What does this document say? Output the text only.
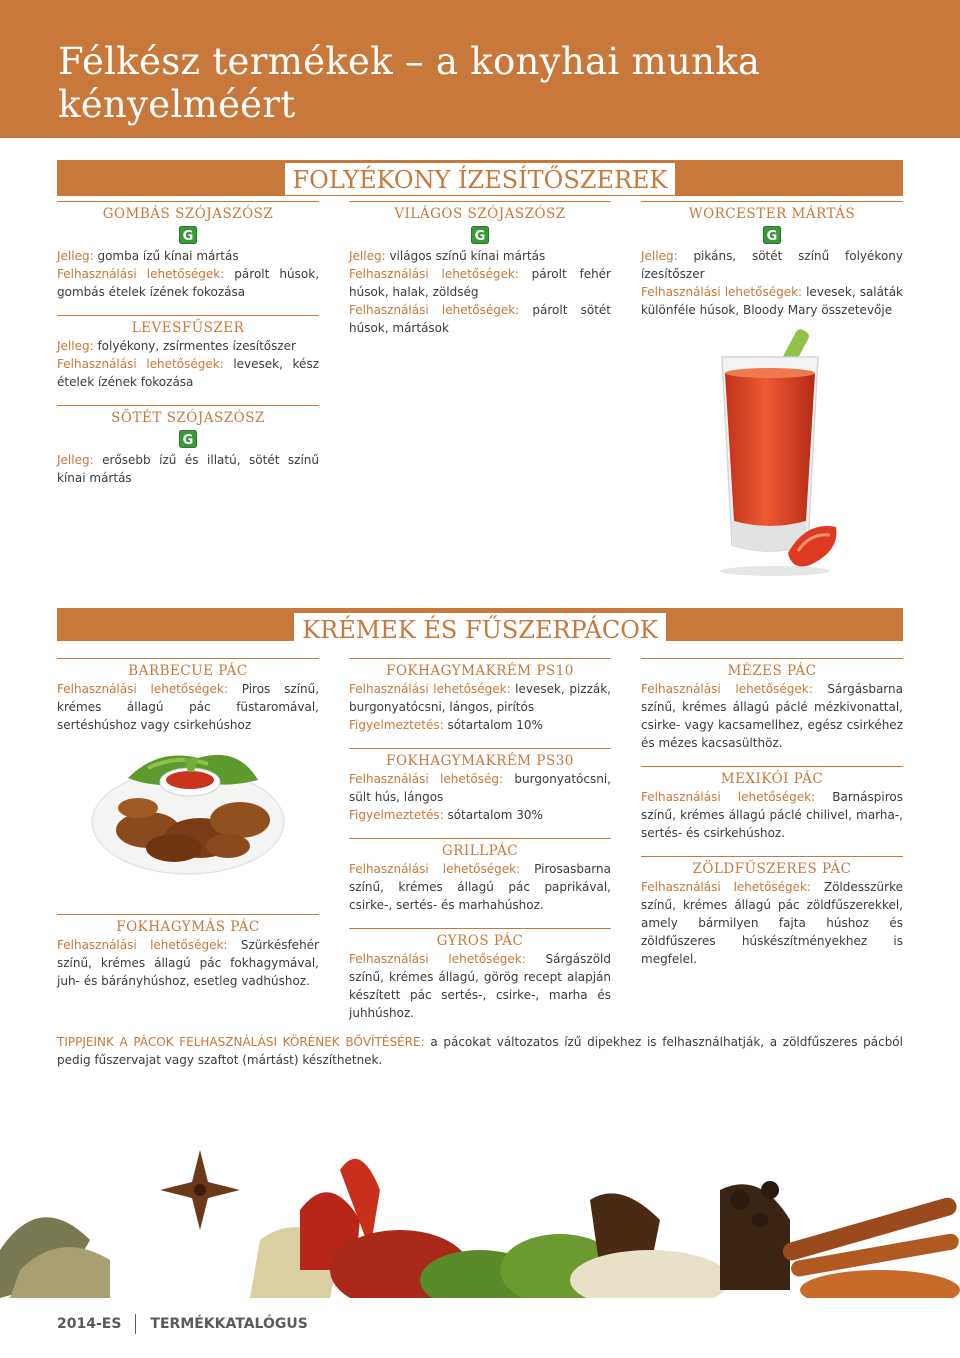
Félkész termékek – a konyhai munka kényelméért
FOLYÉKONY ÍZESÍTŐSZEREK
GOMBÁS SZÓJASZÓSZ
G

Jelleg: gomba ízű kínai mártás

Felhasználási lehetőségek: párolt húsok, gombás ételek ízének fokozása

LEVESFŰSZER

Jelleg: folyékony, zsírmentes ízesítőszer

Felhasználási lehetőségek: levesek, kész ételek ízének fokozása

SÖTÉT SZÓJASZÓSZ
G

Jelleg: erősebb ízű és illatú, sötét színű kínai mártás

VILÁGOS SZÓJASZÓSZ
G

Jelleg: világos színű kínai mártás

Felhasználási lehetőségek: párolt fehér húsok, halak, zöldség

Felhasználási lehetőségek: párolt sötét húsok, mártások

WORCESTER MÁRTÁS
G

Jelleg: pikáns, sötét színű folyékony ízesítőszer

Felhasználási lehetőségek: levesek, saláták különféle húsok, Bloody Mary összetevője

KRÉMEK ÉS FŰSZERPÁCOK
BARBECUE PÁC

Felhasználási lehetőségek: Piros színű, krémes állagú pác füstaromával, sertéshúshoz vagy csirkehúshoz

FOKHAGYMÁS PÁC

Felhasználási lehetőségek: Szürkésfehér színű, krémes állagú pác fokhagymával, juh- és bárányhúshoz, esetleg vadhúshoz.

FOKHAGYMAKRÉM PS10

Felhasználási lehetőségek: levesek, pizzák, burgonyatócsni, lángos, pirítós

Figyelmeztetés: sótartalom 10%

FOKHAGYMAKRÉM PS30

Felhasználási lehetőség: burgonyatócsni, sült hús, lángos

Figyelmeztetés: sótartalom 30%

GRILLPÁC

Felhasználási lehetőségek: Pirosasbarna színű, krémes állagú pác paprikával, csirke-, sertés- és marhahúshoz.

GYROS PÁC

Felhasználási lehetőségek: Sárgászöld színű, krémes állagú, görög recept alapján készített pác sertés-, csirke-, marha és juhhúshoz.

MÉZES PÁC

Felhasználási lehetőségek: Sárgásbarna színű, krémes állagú páclé mézkivonattal, csirke- vagy kacsamellhez, egész csirkéhez és mézes kacsasülthöz.

MEXIKÓI PÁC

Felhasználási lehetőségek: Barnáspiros színű, krémes állagú páclé chilivel, marha-, sertés- és csirkehúshoz.

ZÖLDFŰSZERES PÁC

Felhasználási lehetőségek: Zöldesszürke színű, krémes állagú pác zöldfűszerekkel, amely bármilyen fajta húshoz és zöldfűszeres húskészítményekhez is megfelel.

TIPPJEINK A PÁCOK FELHASZNÁLÁSI KÖRÉNEK BŐVÍTÉSÉRE: a pácokat változatos ízű dipekhez is felhasználhatják, a zöldfűszeres pácból pedig fűszervajat vagy szaftot (mártást) készíthetnek.

2014-ES TERMÉKKATALÓGUS
